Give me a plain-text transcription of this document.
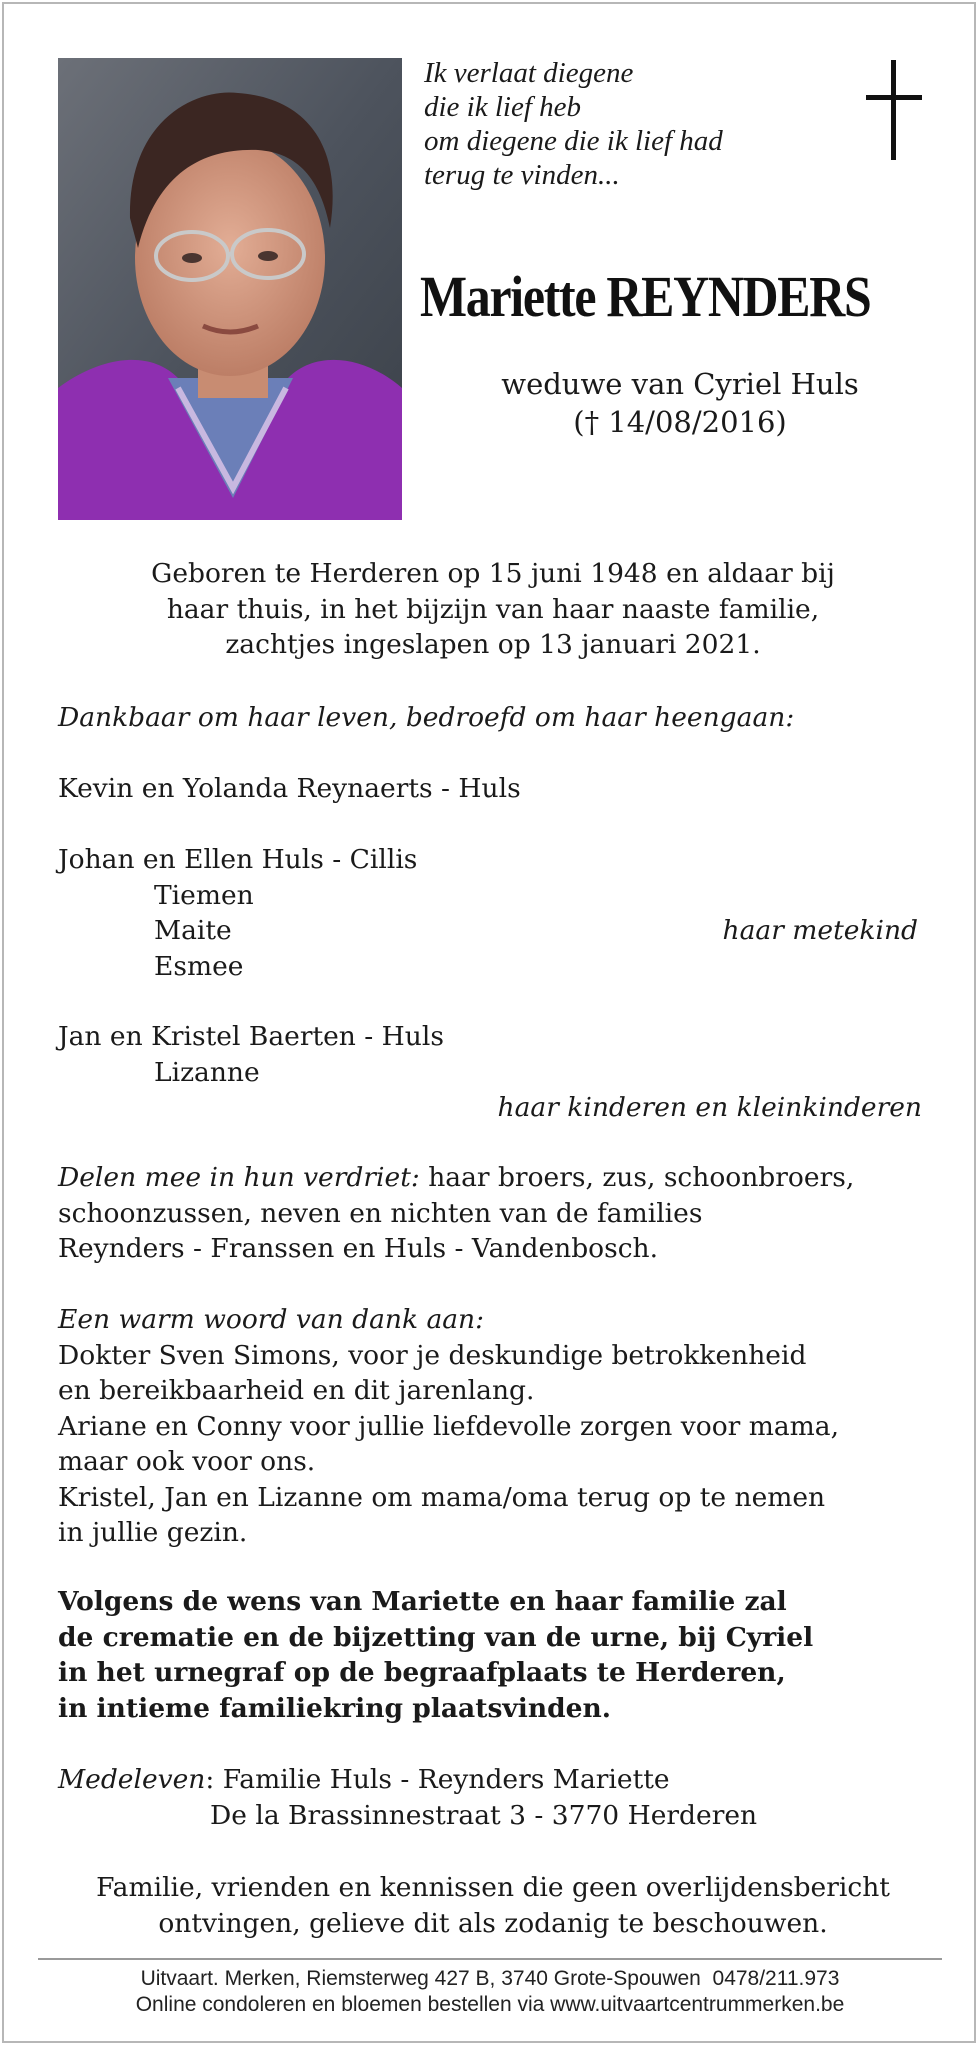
Ik verlaat diegene
die ik lief heb
om diegene die ik lief had
terug te vinden...
Mariette REYNDERS
weduwe van Cyriel Huls
(† 14/08/2016)
Geboren te Herderen op 15 juni 1948 en aldaar bij
haar thuis, in het bijzijn van haar naaste familie,
zachtjes ingeslapen op 13 januari 2021.
Dankbaar om haar leven, bedroefd om haar heengaan:
Kevin en Yolanda Reynaerts - Huls
Johan en Ellen Huls - Cillis
Tiemen
Maite	haar metekind
Esmee
Jan en Kristel Baerten - Huls
Lizanne
haar kinderen en kleinkinderen
Delen mee in hun verdriet: haar broers, zus, schoonbroers,
schoonzussen, neven en nichten van de families
Reynders - Franssen en Huls - Vandenbosch.
Een warm woord van dank aan:
Dokter Sven Simons, voor je deskundige betrokkenheid
en bereikbaarheid en dit jarenlang.
Ariane en Conny voor jullie liefdevolle zorgen voor mama,
maar ook voor ons.
Kristel, Jan en Lizanne om mama/oma terug op te nemen
in jullie gezin.
Volgens de wens van Mariette en haar familie zal
de crematie en de bijzetting van de urne, bij Cyriel
in het urnegraf op de begraafplaats te Herderen,
in intieme familiekring plaatsvinden.
Medeleven: Familie Huls - Reynders Mariette
De la Brassinnestraat 3 - 3770 Herderen
Familie, vrienden en kennissen die geen overlijdensbericht
ontvingen, gelieve dit als zodanig te beschouwen.
Uitvaart. Merken, Riemsterweg 427 B, 3740 Grote-Spouwen  0478/211.973
Online condoleren en bloemen bestellen via www.uitvaartcentrummerken.be
